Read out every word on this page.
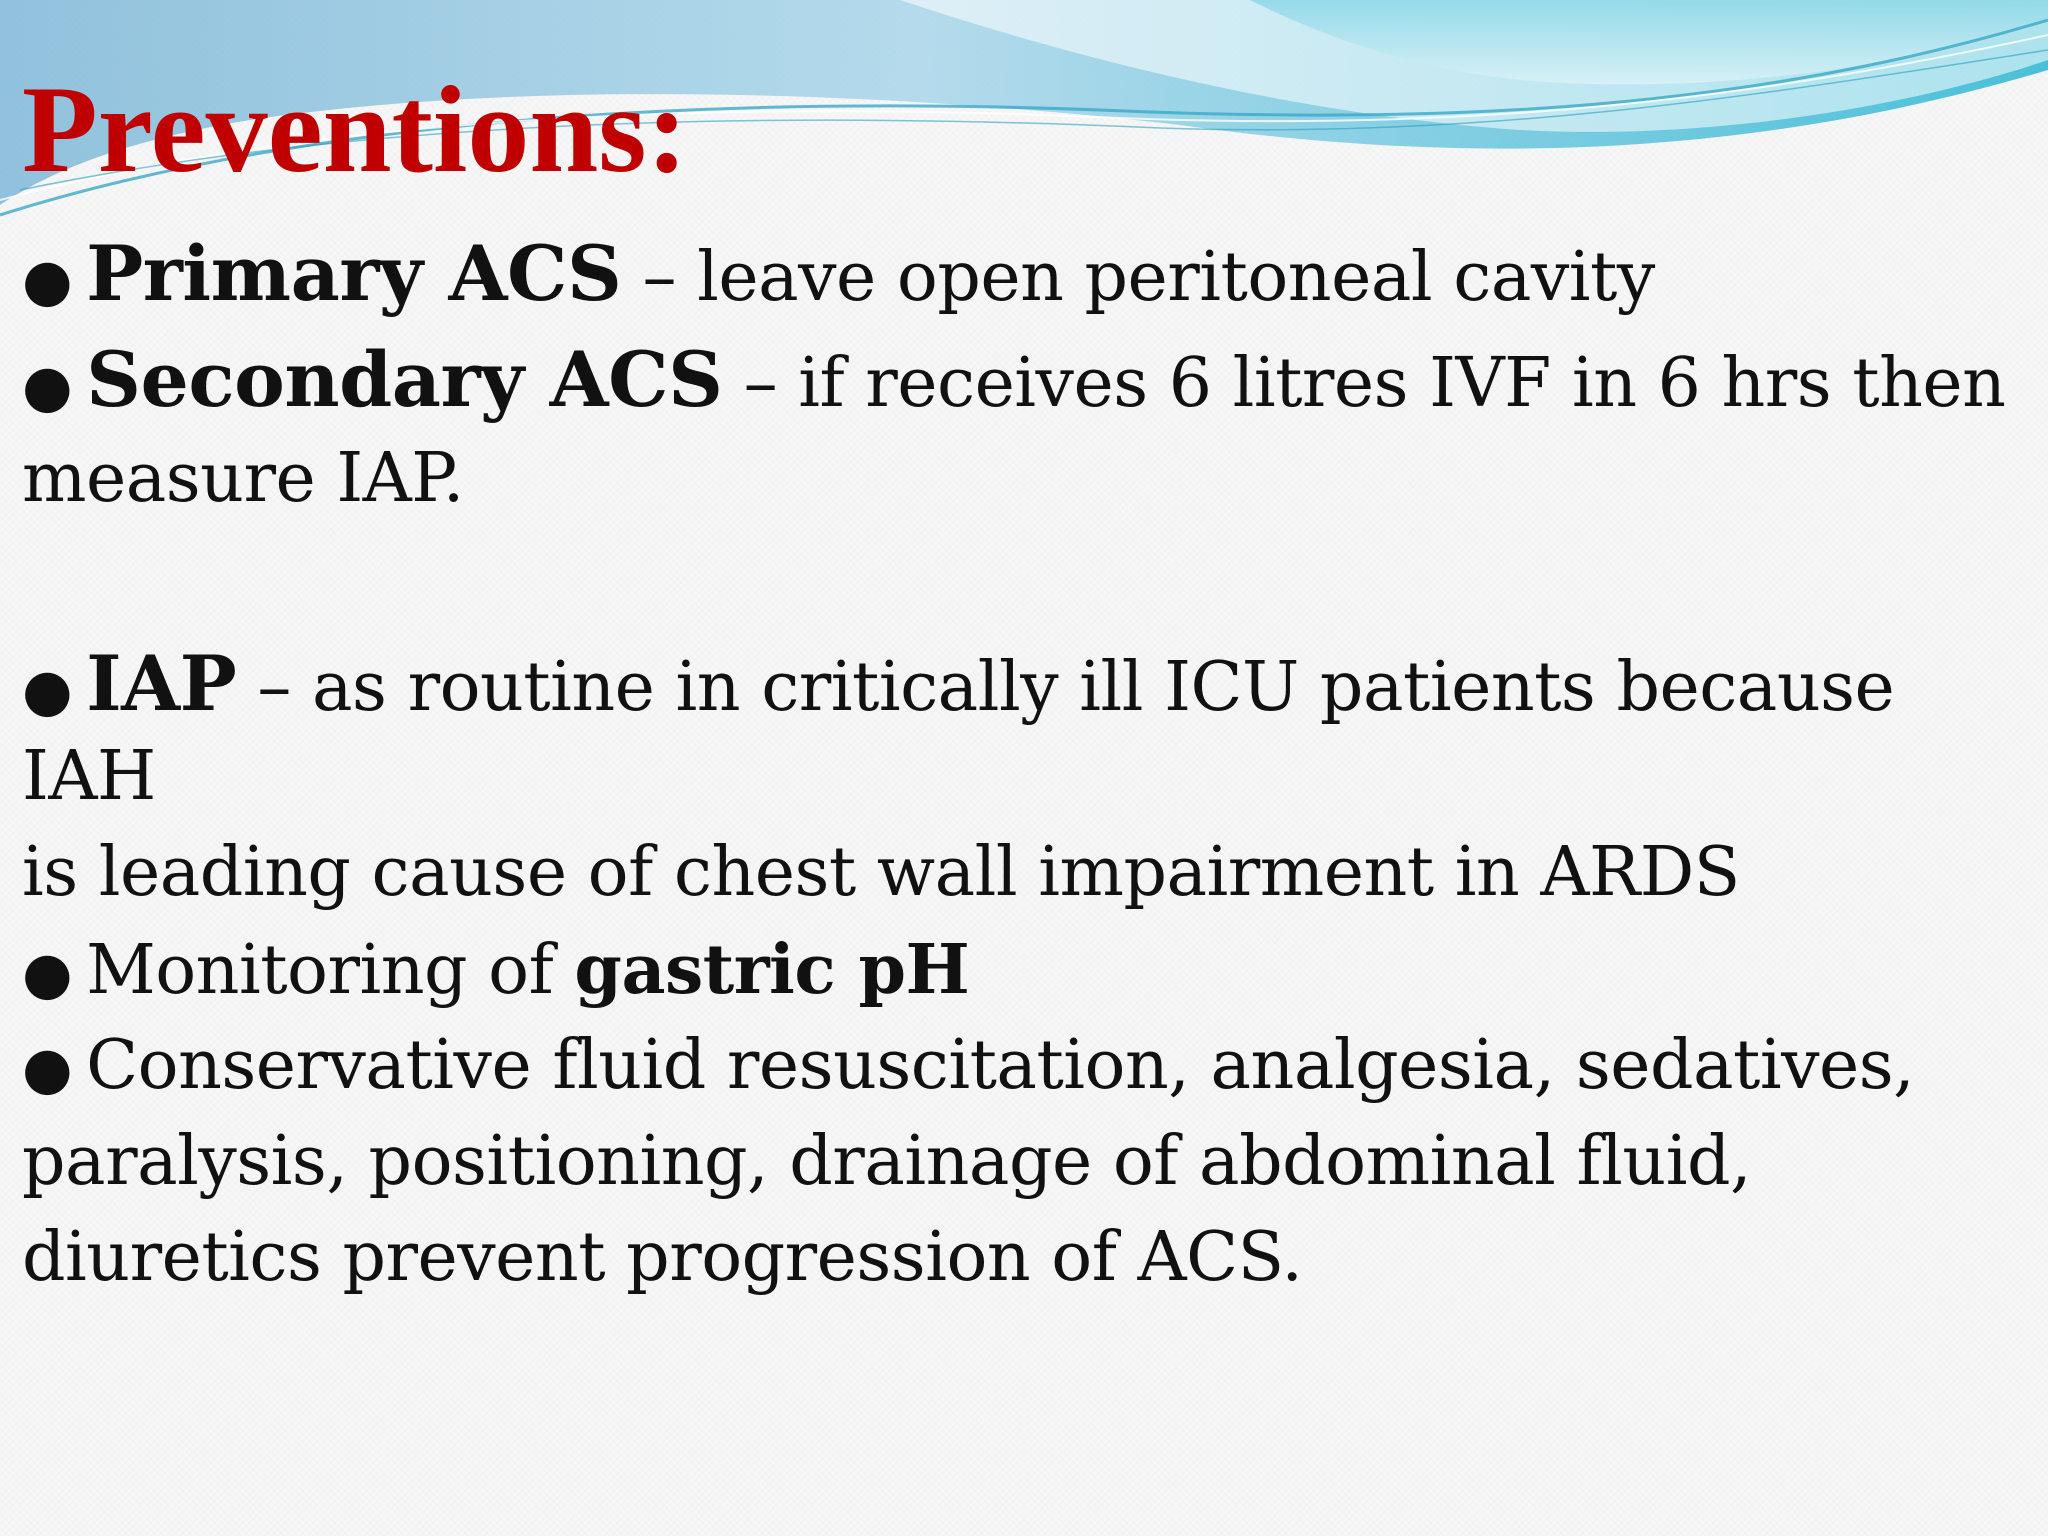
Preventions:
● Primary ACS – leave open peritoneal cavity
● Secondary ACS – if receives 6 litres IVF in 6 hrs then
measure IAP.
● IAP – as routine in critically ill ICU patients because
IAH
is leading cause of chest wall impairment in ARDS
● Monitoring of gastric pH
● Conservative fluid resuscitation, analgesia, sedatives,
paralysis, positioning, drainage of abdominal fluid,
diuretics prevent progression of ACS.
